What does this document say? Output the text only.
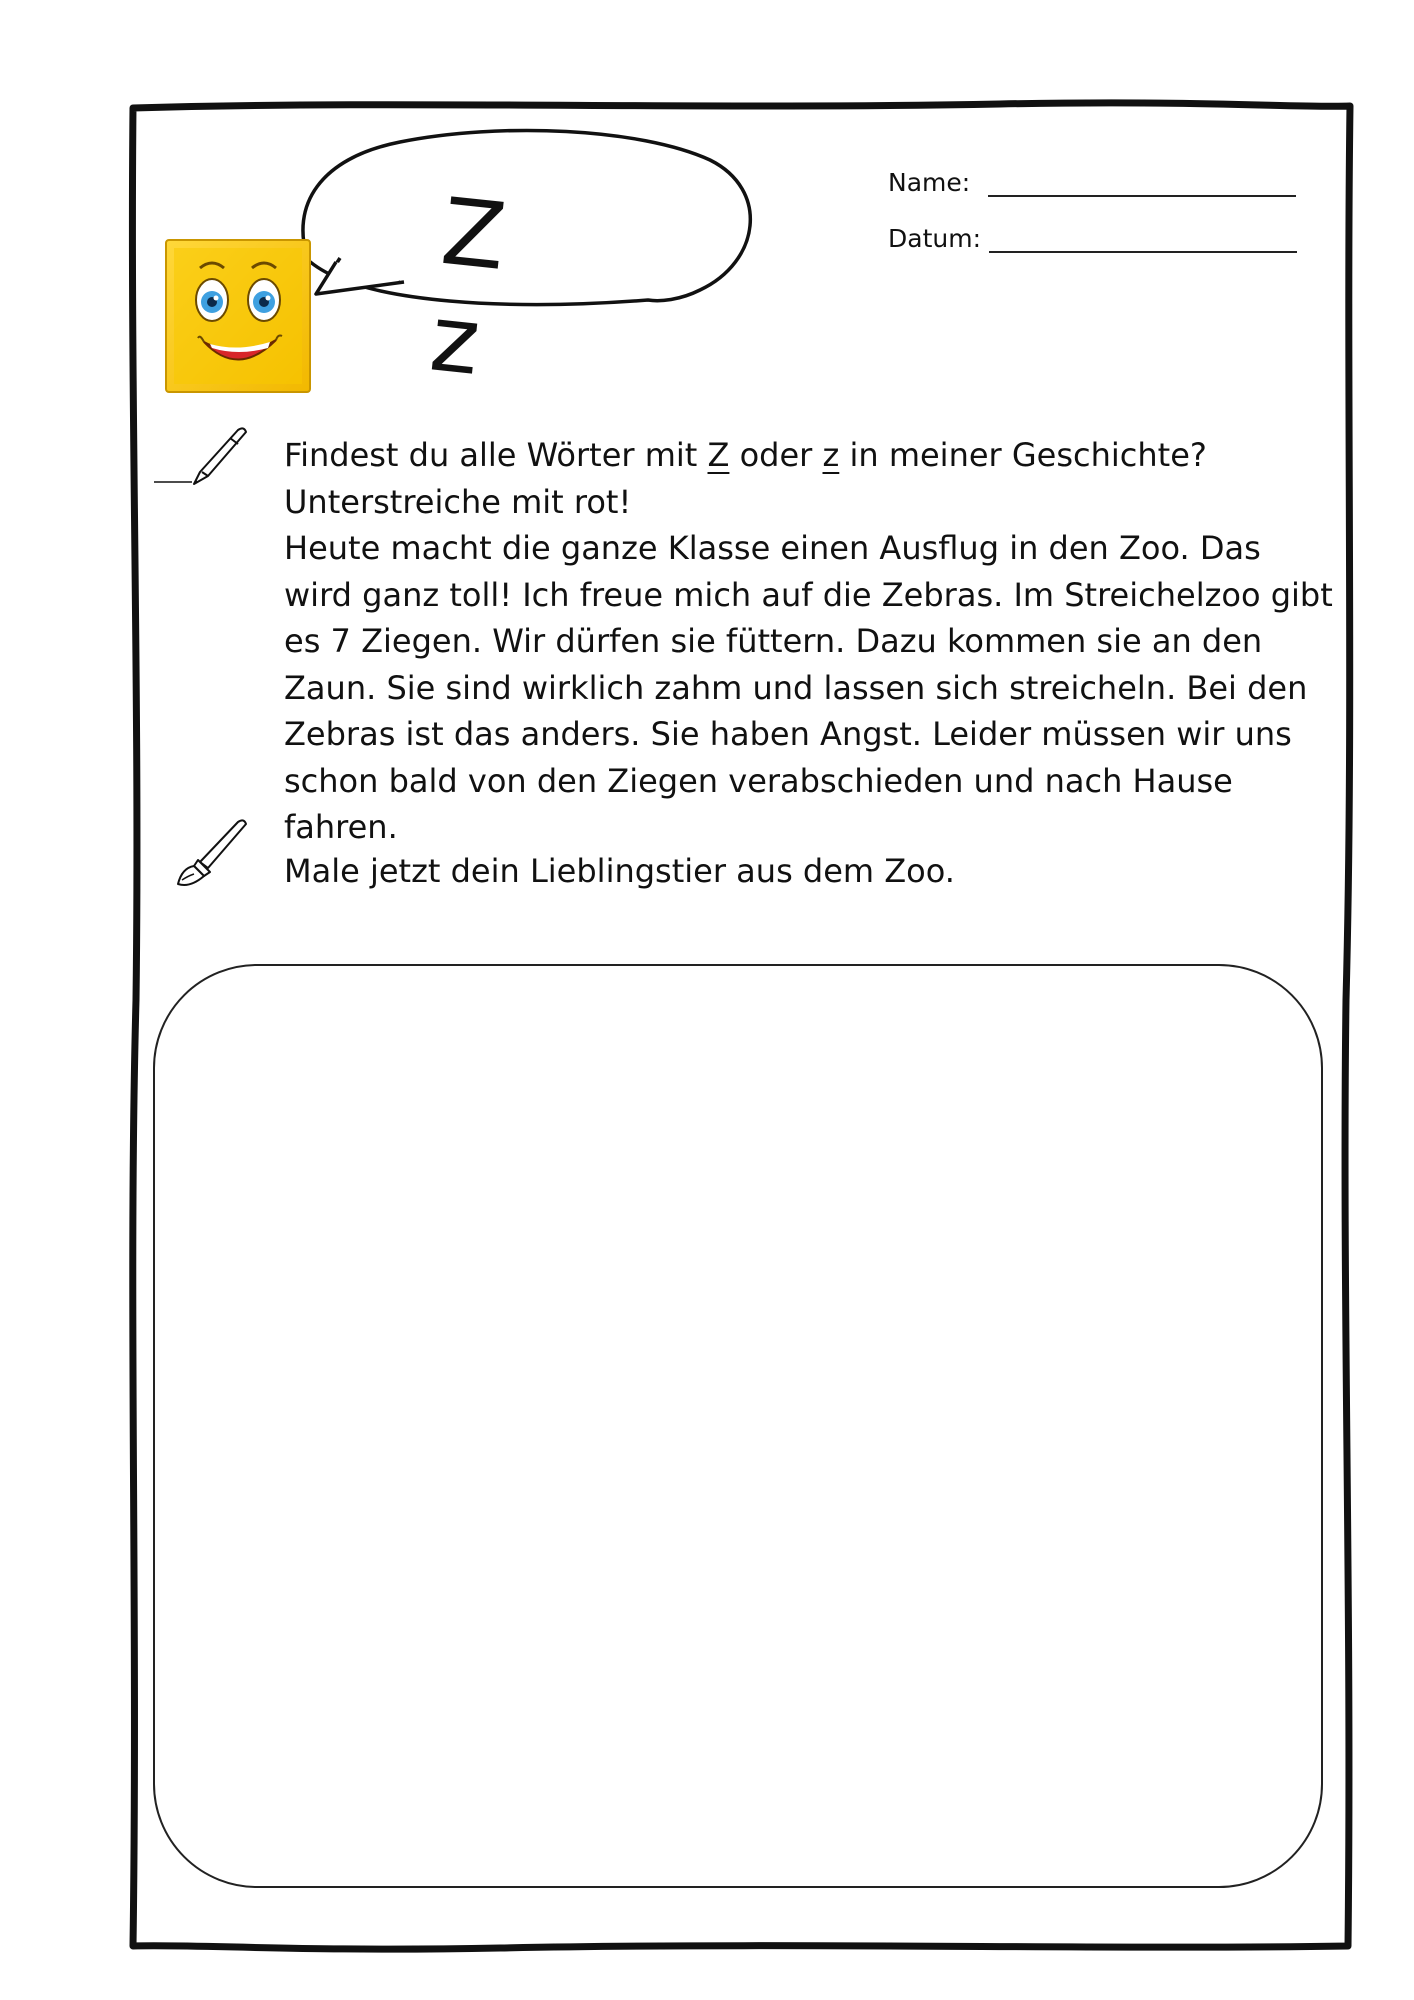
Z z
Name:
Datum:

Findest du alle Wörter mit Z oder z in meiner Geschichte?

Unterstreiche mit rot!

Heute macht die ganze Klasse einen Ausflug in den Zoo. Das wird ganz toll! Ich freue mich auf die Zebras. Im Streichelzoo gibt es 7 Ziegen. Wir dürfen sie füttern. Dazu kommen sie an den Zaun. Sie sind wirklich zahm und lassen sich streicheln. Bei den Zebras ist das anders. Sie haben Angst. Leider müssen wir uns schon bald von den Ziegen verabschieden und nach Hause fahren.

Male jetzt dein Lieblingstier aus dem Zoo.
